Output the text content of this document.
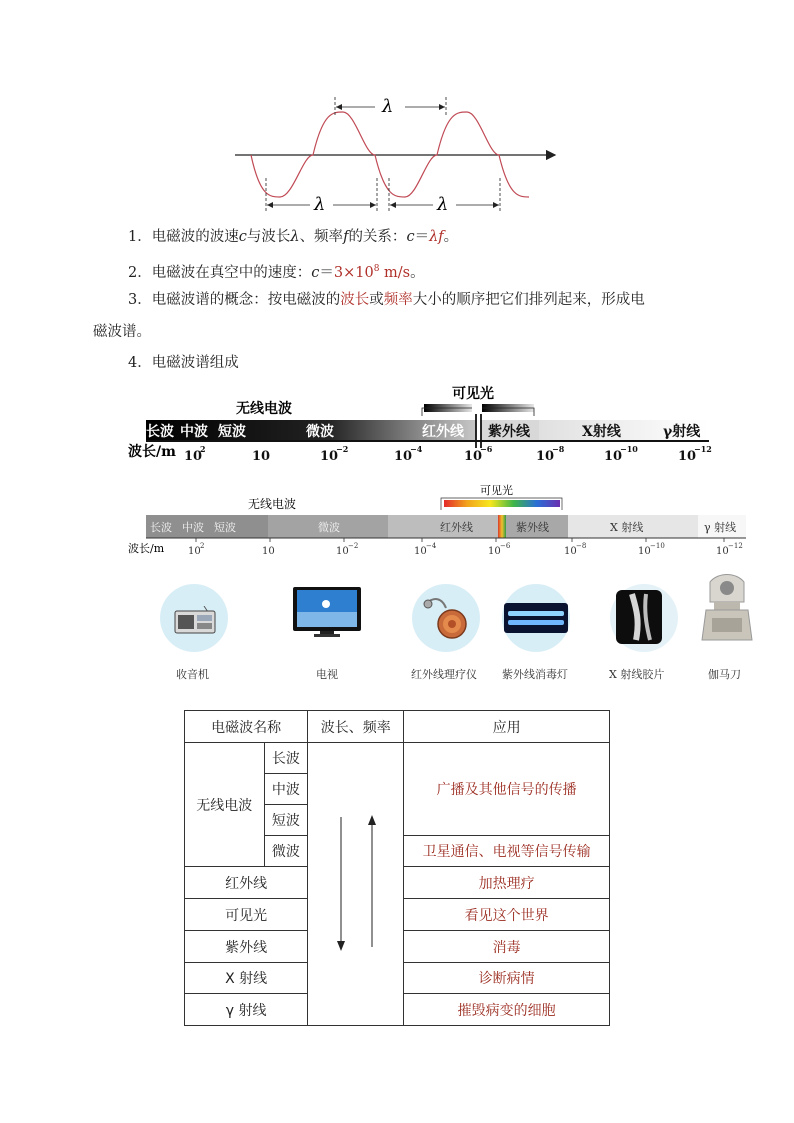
λ
λ	λ
1．电磁波的波速c与波长λ、频率f的关系：c＝λf。
2．电磁波在真空中的速度：$c=3\times 10^8$ m/s。
3．电磁波谱的概念：按电磁波的波长或频率大小的顺序把它们排列起来，形成电
磁波谱。
4．电磁波谱组成
无线电波
可见光
长波 中波 短波	微波	红外线 紫外线	X射线	γ射线
波长/m 10
2	10	10
−2	10
−4	10
−6	10
−8	10
−10	10
−12
无线电波
可见光
长波 中波 短波	微波	红外线	紫外线	X 射线	γ 射线
波长/m 10 2	10	10 −2	10 −4	10 −6	10 −8	10 −10	10 −12
收音机	电视	红外线理疗仪 紫外线消毒灯	X 射线胶片	伽马刀
电磁波名称		波长、频率	应用
无线电波	长波		广播及其他信号的传播
	中波		
	短波		
	微波		卫星通信、电视等信号传输
红外线			加热理疗
可见光			看见这个世界
紫外线			消毒
X 射线			诊断病情
γ 射线			摧毁病变的细胞
